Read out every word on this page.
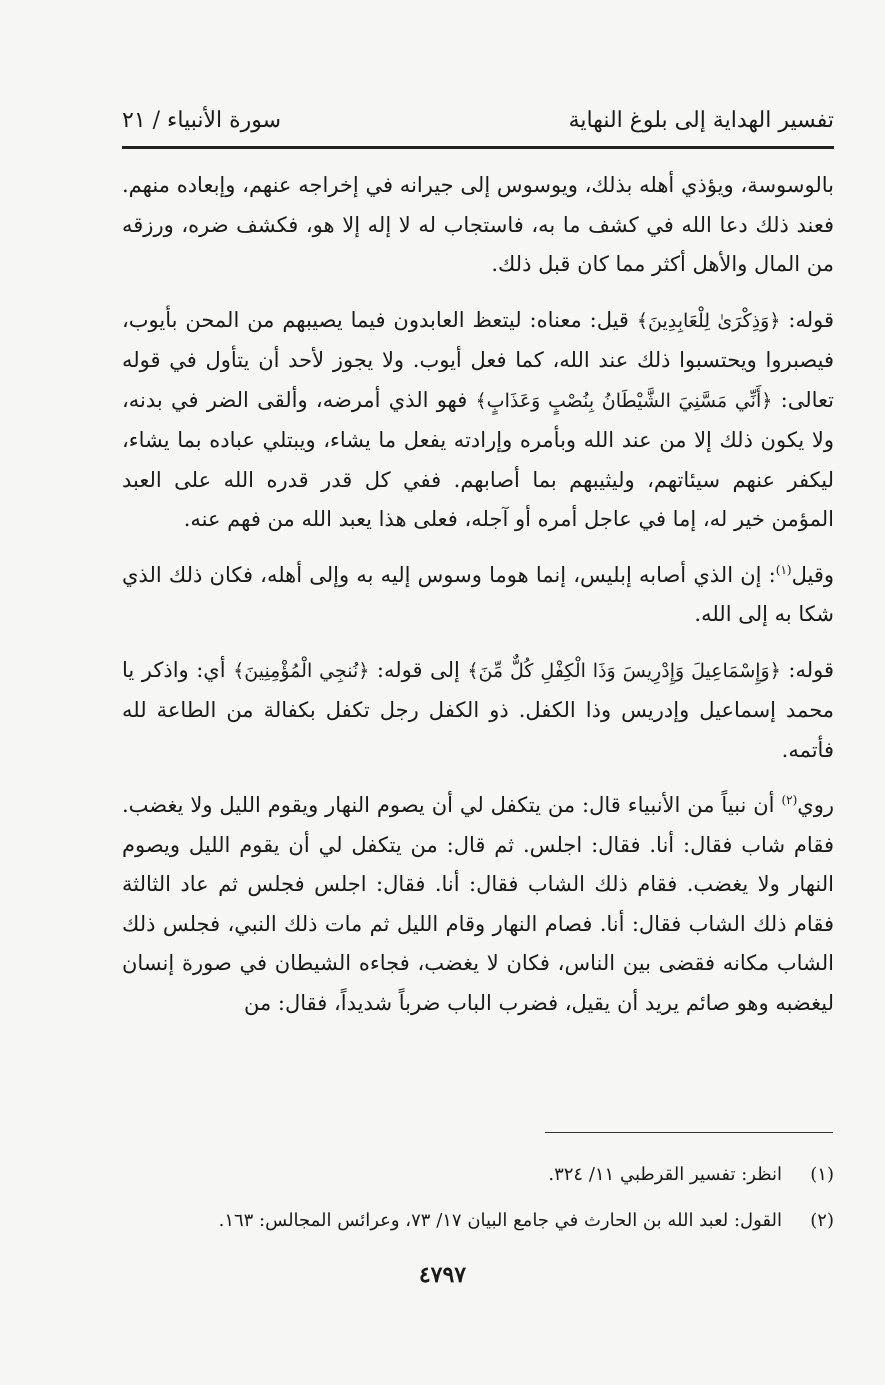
تفسير الهداية إلى بلوغ النهاية
سورة الأنبياء / ٢١

بالوسوسة، ويؤذي أهله بذلك، ويوسوس إلى جيرانه في إخراجه عنهم، وإبعاده منهم. فعند ذلك دعا الله في كشف ما به، فاستجاب له لا إله إلا هو، فكشف ضره، ورزقه من المال والأهل أكثر مما كان قبل ذلك.

قوله: ﴿وَذِكْرَىٰ لِلْعَابِدِينَ﴾ قيل: معناه: ليتعظ العابدون فيما يصيبهم من المحن بأيوب، فيصبروا ويحتسبوا ذلك عند الله، كما فعل أيوب. ولا يجوز لأحد أن يتأول في قوله تعالى: ﴿أَنِّي مَسَّنِيَ الشَّيْطَانُ بِنُصْبٍ وَعَذَابٍ﴾ فهو الذي أمرضه، وألقى الضر في بدنه، ولا يكون ذلك إلا من عند الله وبأمره وإرادته يفعل ما يشاء، ويبتلي عباده بما يشاء، ليكفر عنهم سيئاتهم، وليثيبهم بما أصابهم. ففي كل قدر قدره الله على العبد المؤمن خير له، إما في عاجل أمره أو آجله، فعلى هذا يعبد الله من فهم عنه.

وقيل$^{(١)}$: إن الذي أصابه إبليس، إنما هوما وسوس إليه به وإلى أهله، فكان ذلك الذي شكا به إلى الله.

قوله: ﴿وَإِسْمَاعِيلَ وَإِدْرِيسَ وَذَا الْكِفْلِ كُلٌّ مِّنَ﴾ إلى قوله: ﴿نُنجِي الْمُؤْمِنِينَ﴾ أي: واذكر يا محمد إسماعيل وإدريس وذا الكفل. ذو الكفل رجل تكفل بكفالة من الطاعة لله فأتمه.

روي$^{(٢)}$ أن نبياً من الأنبياء قال: من يتكفل لي أن يصوم النهار ويقوم الليل ولا يغضب. فقام شاب فقال: أنا. فقال: اجلس. ثم قال: من يتكفل لي أن يقوم الليل ويصوم النهار ولا يغضب. فقام ذلك الشاب فقال: أنا. فقال: اجلس فجلس ثم عاد الثالثة فقام ذلك الشاب فقال: أنا. فصام النهار وقام الليل ثم مات ذلك النبي، فجلس ذلك الشاب مكانه فقضى بين الناس، فكان لا يغضب، فجاءه الشيطان في صورة إنسان ليغضبه وهو صائم يريد أن يقيل، فضرب الباب ضرباً شديداً، فقال: من

(١)
انظر: تفسير القرطبي ١١/ ٣٢٤.
(٢)
القول: لعبد الله بن الحارث في جامع البيان ١٧/ ٧٣، وعرائس المجالس: ١٦٣.
٤٧٩٧
